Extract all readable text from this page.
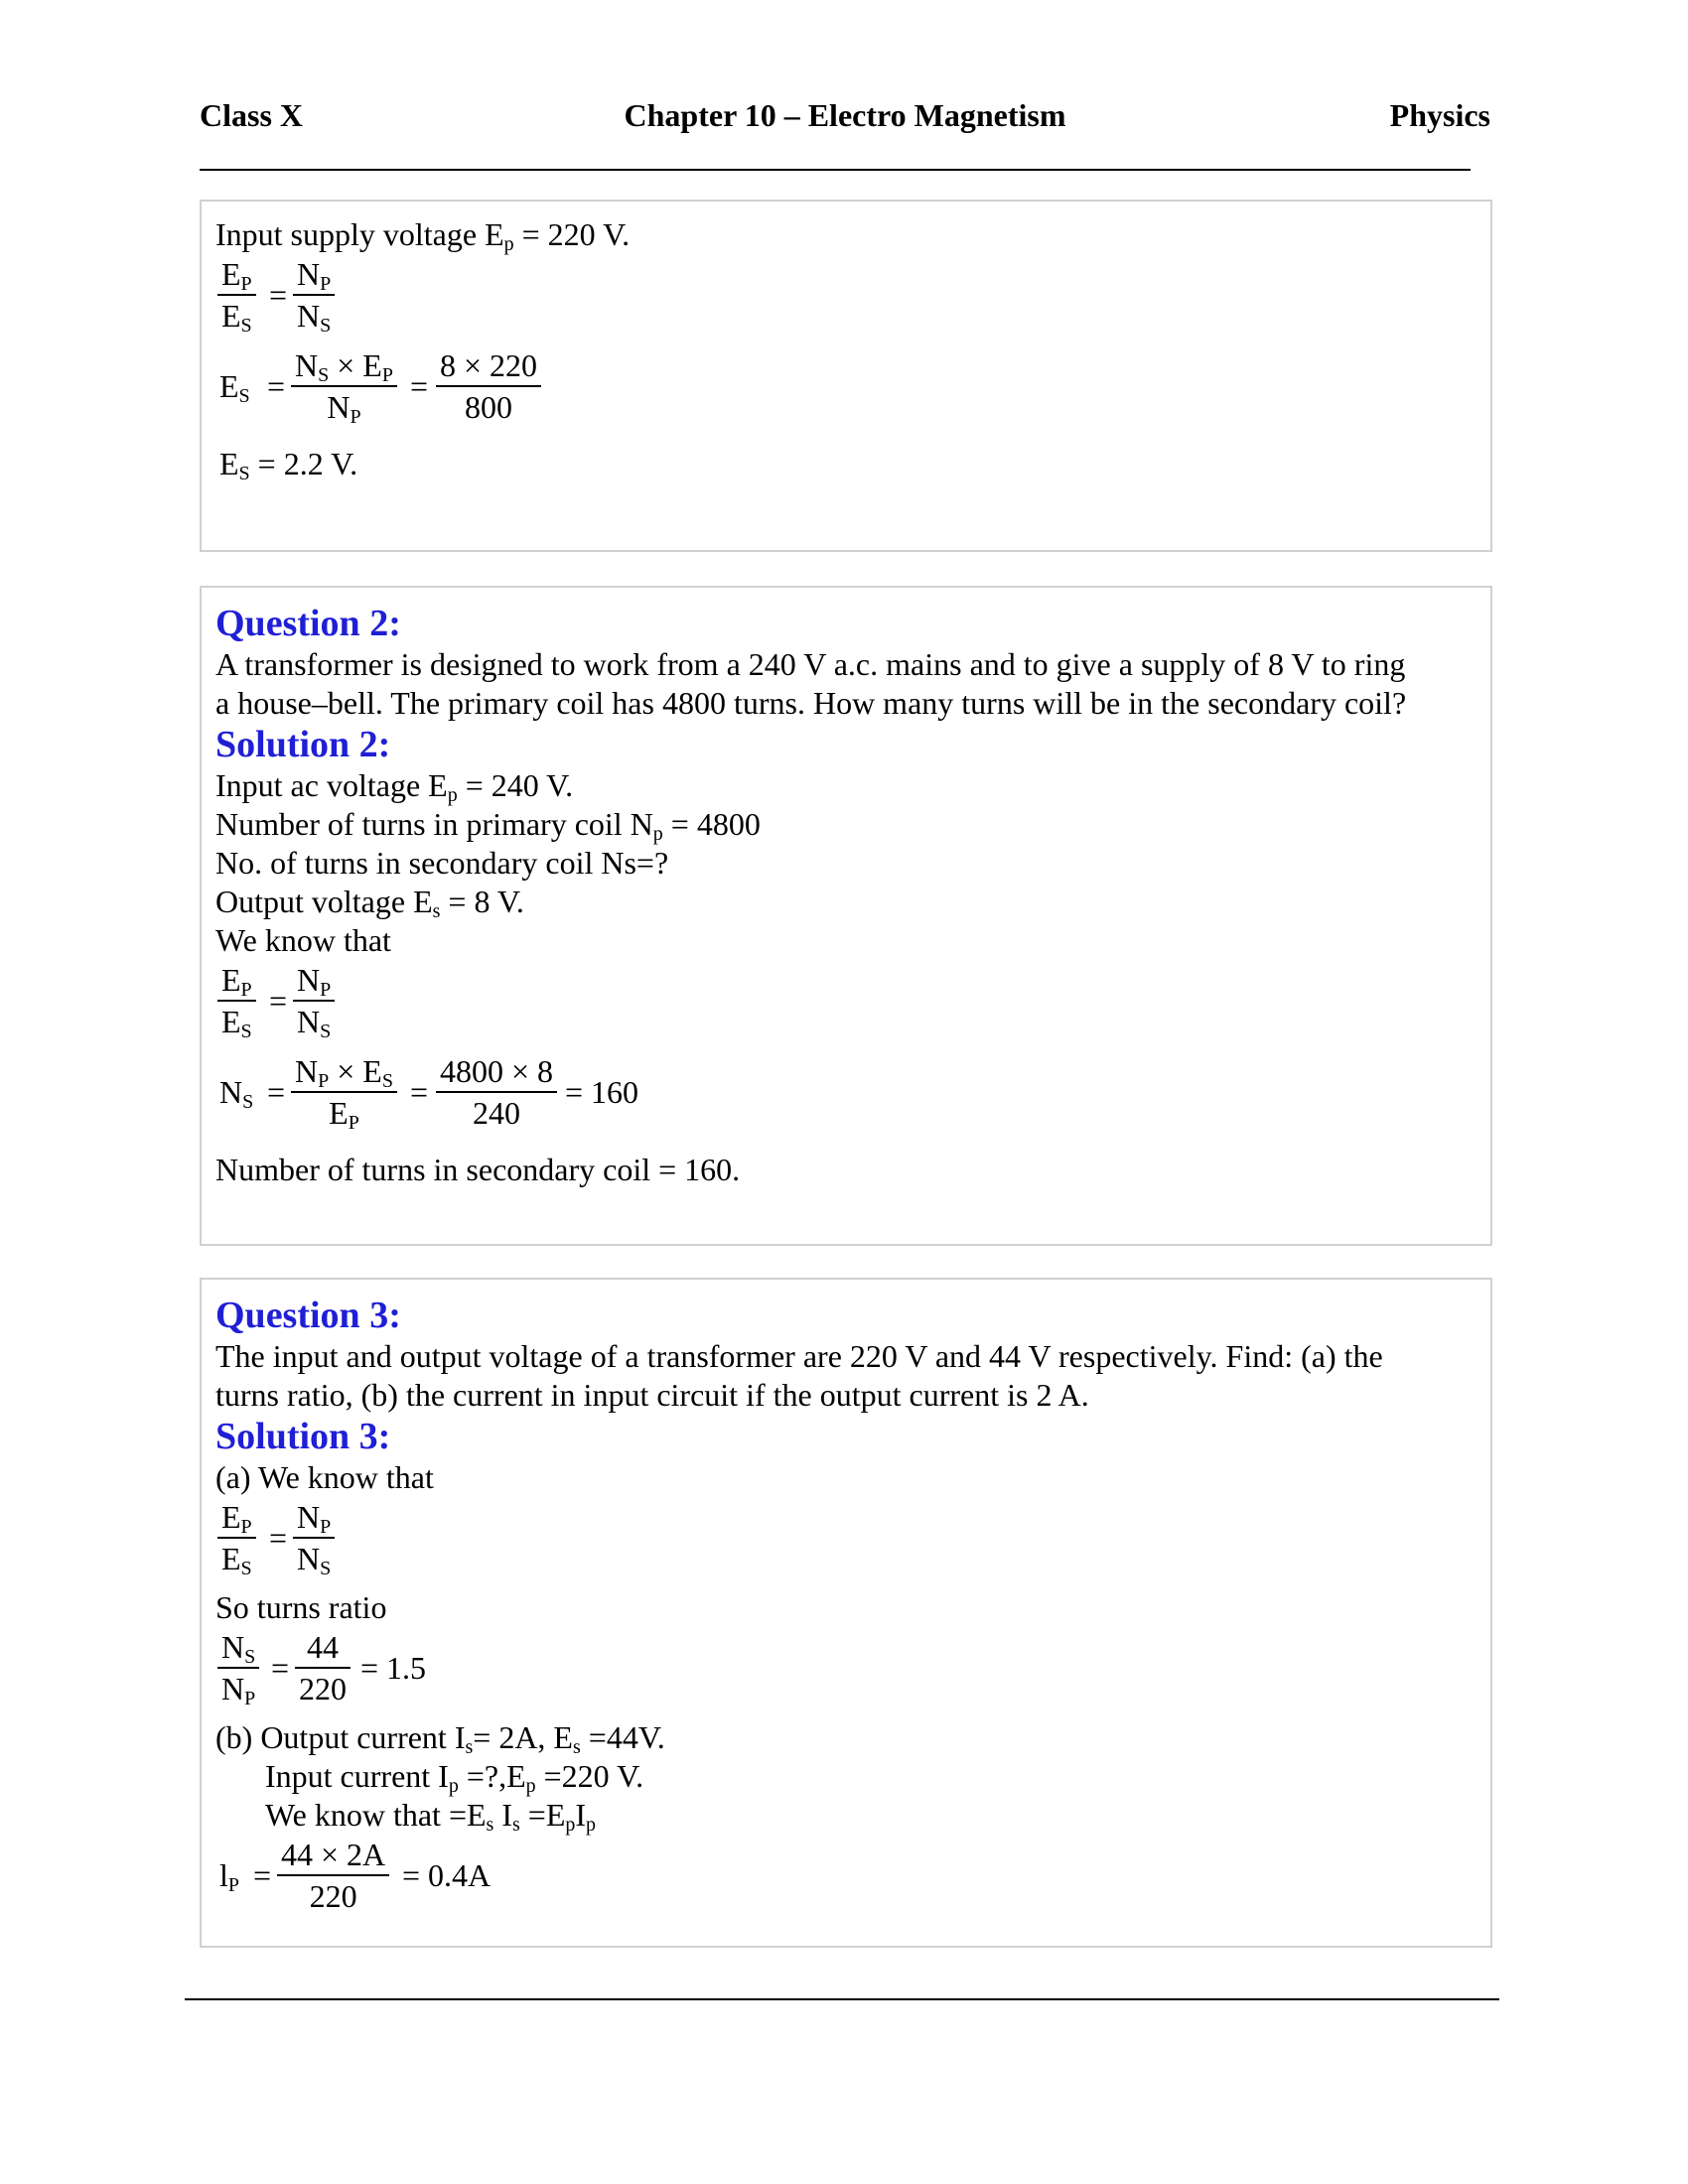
Class X	Chapter 10 – Electro Magnetism	Physics
Input supply voltage $E_p = 220$ V.
$\frac{E_P}{E_S} = \frac{N_P}{N_S}$
$E_S = \frac{N_S \times E_P}{N_P} = \frac{8 \times 220}{800}$
$E_S = 2.2$ V.
Question 2:
A transformer is designed to work from a 240 V a.c. mains and to give a supply of 8 V to ring
a house–bell. The primary coil has 4800 turns. How many turns will be in the secondary coil?
Solution 2:
Input ac voltage $E_p = 240$ V.
Number of turns in primary coil $N_p = 4800$
No. of turns in secondary coil Ns=?
Output voltage $E_s = 8$ V.
We know that
$\frac{E_P}{E_S} = \frac{N_P}{N_S}$
$N_S = \frac{N_P \times E_S}{E_P} = \frac{4800 \times 8}{240} = 160$
Number of turns in secondary coil = 160.
Question 3:
The input and output voltage of a transformer are 220 V and 44 V respectively. Find: (a) the
turns ratio, (b) the current in input circuit if the output current is 2 A.
Solution 3:
(a) We know that
$\frac{E_P}{E_S} = \frac{N_P}{N_S}$
So turns ratio
$\frac{N_S}{N_P} = \frac{44}{220} = 1.5$
(b) Output current $I_s= 2A$, $E_s =44V$.
Input current $I_p$ $=?,E_p =220$ V.
We know that $=E_s$ $I_s =E_pI_p$
$l_P = \frac{44 \times 2A}{220} = 0.4A$
